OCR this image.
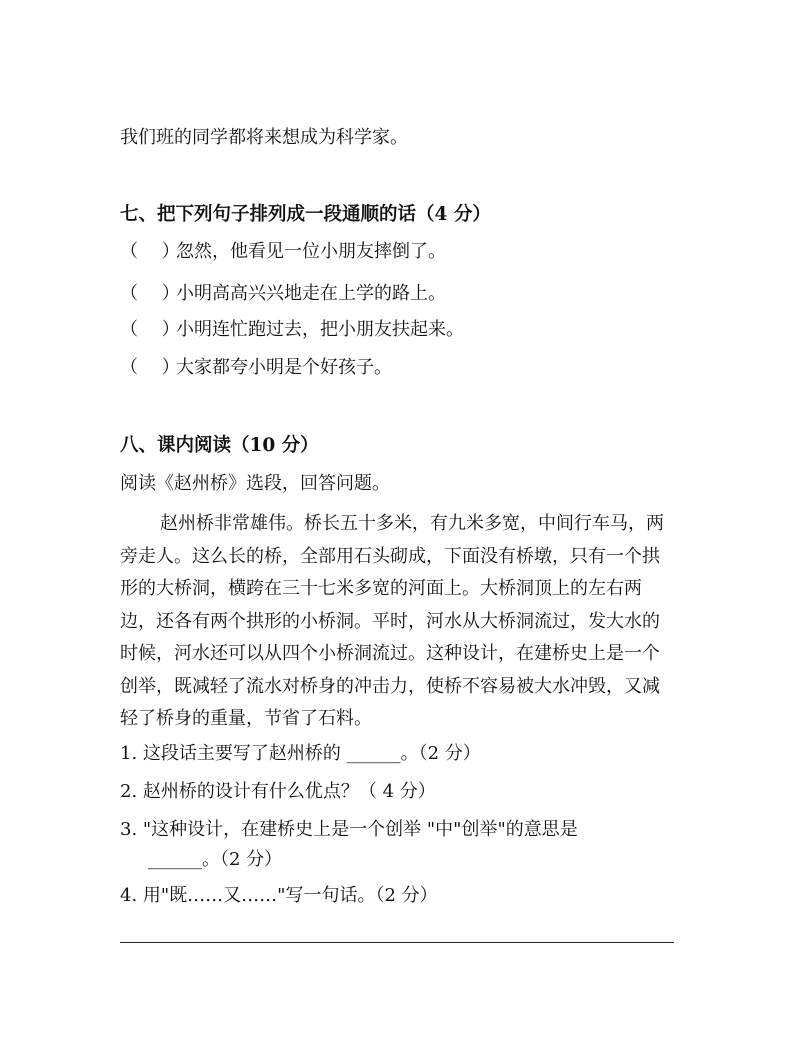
我们班的同学都将来想成为科学家。
七、把下列句子排列成一段通顺的话（4 分）
（　 ）忽然，他看见一位小朋友摔倒了。
（　 ）小明高高兴兴地走在上学的路上。
（　 ）小明连忙跑过去，把小朋友扶起来。
（　 ）大家都夸小明是个好孩子。
八、课内阅读（10 分）
阅读《赵州桥》选段，回答问题。
赵州桥非常雄伟。桥长五十多米，有九米多宽，中间行车马，两旁走人。这么长的桥，全部用石头砌成，下面没有桥墩，只有一个拱形的大桥洞，横跨在三十七米多宽的河面上。大桥洞顶上的左右两边，还各有两个拱形的小桥洞。平时，河水从大桥洞流过，发大水的时候，河水还可以从四个小桥洞流过。这种设计，在建桥史上是一个创举，既减轻了流水对桥身的冲击力，使桥不容易被大水冲毁，又减轻了桥身的重量，节省了石料。
1. 这段话主要写了赵州桥的 ______。（2 分）
2. 赵州桥的设计有什么优点？（ 4 分）
3. "这种设计，在建桥史上是一个创举 "中"创举"的意思是
______。（2 分）
4. 用"既……又……"写一句话。（2 分）
